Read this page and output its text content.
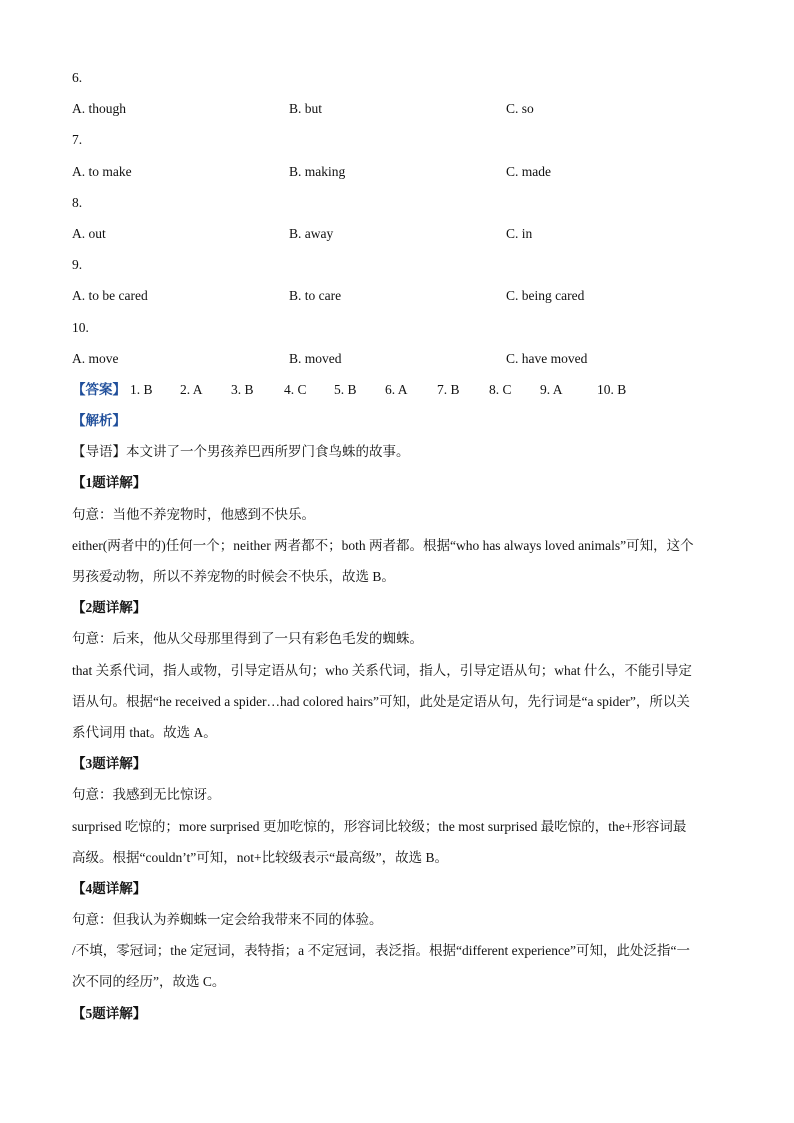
6.
A. though	B. but	C. so
7.
A. to make	B. making	C. made
8.
A. out	B. away	C. in
9.
A. to be cared	B. to care	C. being cared
10.
A. move	B. moved	C. have moved
【答案】 1. B 2. A 3. B 4. C 5. B 6. A 7. B 8. C 9. A	10. B
【解析】
【导语】本文讲了一个男孩养巴西所罗门食鸟蛛的故事。
【1题详解】
句意：当他不养宠物时，他感到不快乐。
either(两者中的)任何一个；neither 两者都不；both 两者都。根据“who has always loved animals”可知，这个
男孩爱动物，所以不养宠物的时候会不快乐，故选 B。
【2题详解】
句意：后来，他从父母那里得到了一只有彩色毛发的蜘蛛。
that 关系代词，指人或物，引导定语从句；who 关系代词，指人，引导定语从句；what 什么，不能引导定
语从句。根据“he received a spider…had colored hairs”可知，此处是定语从句，先行词是“a spider”，所以关
系代词用 that。故选 A。
【3题详解】
句意：我感到无比惊讶。
surprised 吃惊的；more surprised 更加吃惊的，形容词比较级；the most surprised 最吃惊的，the+形容词最
高级。根据“couldn’t”可知，not+比较级表示“最高级”，故选 B。
【4题详解】
句意：但我认为养蜘蛛一定会给我带来不同的体验。
/不填，零冠词；the 定冠词，表特指；a 不定冠词，表泛指。根据“different experience”可知，此处泛指“一
次不同的经历”，故选 C。
【5题详解】
